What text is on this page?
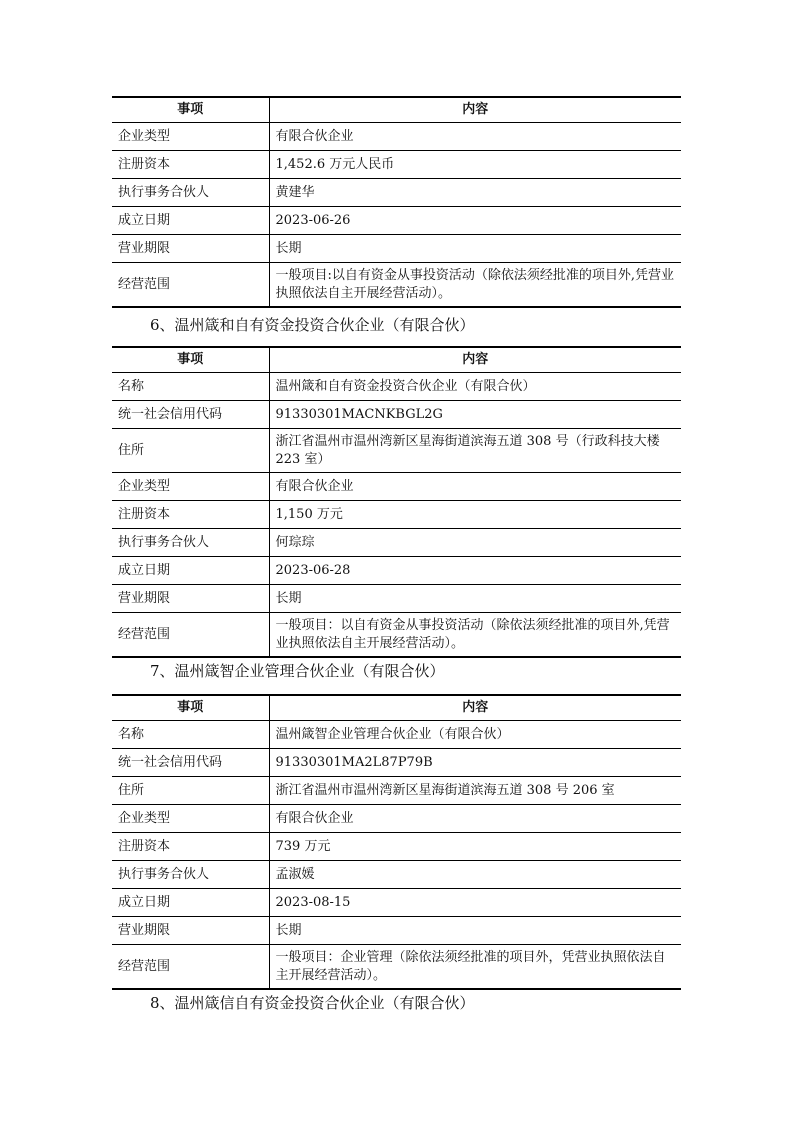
事项	内容
企业类型	有限合伙企业
注册资本	1,452.6 万元人民币
执行事务合伙人	黄建华
成立日期	2023-06-26
营业期限	长期
经营范围	一般项目:以自有资金从事投资活动（除依法须经批准的项目外,凭营业执照依法自主开展经营活动）。

6、温州箴和自有资金投资合伙企业（有限合伙）

事项	内容
名称	温州箴和自有资金投资合伙企业（有限合伙）
统一社会信用代码	91330301MACNKBGL2G
住所	浙江省温州市温州湾新区星海街道滨海五道 308 号（行政科技大楼 223 室）
企业类型	有限合伙企业
注册资本	1,150 万元
执行事务合伙人	何琮琮
成立日期	2023-06-28
营业期限	长期
经营范围	一般项目：以自有资金从事投资活动（除依法须经批准的项目外,凭营业执照依法自主开展经营活动）。

7、温州箴智企业管理合伙企业（有限合伙）

事项	内容
名称	温州箴智企业管理合伙企业（有限合伙）
统一社会信用代码	91330301MA2L87P79B
住所	浙江省温州市温州湾新区星海街道滨海五道 308 号 206 室
企业类型	有限合伙企业
注册资本	739 万元
执行事务合伙人	孟淑媛
成立日期	2023-08-15
营业期限	长期
经营范围	一般项目：企业管理（除依法须经批准的项目外，凭营业执照依法自主开展经营活动）。

8、温州箴信自有资金投资合伙企业（有限合伙）
